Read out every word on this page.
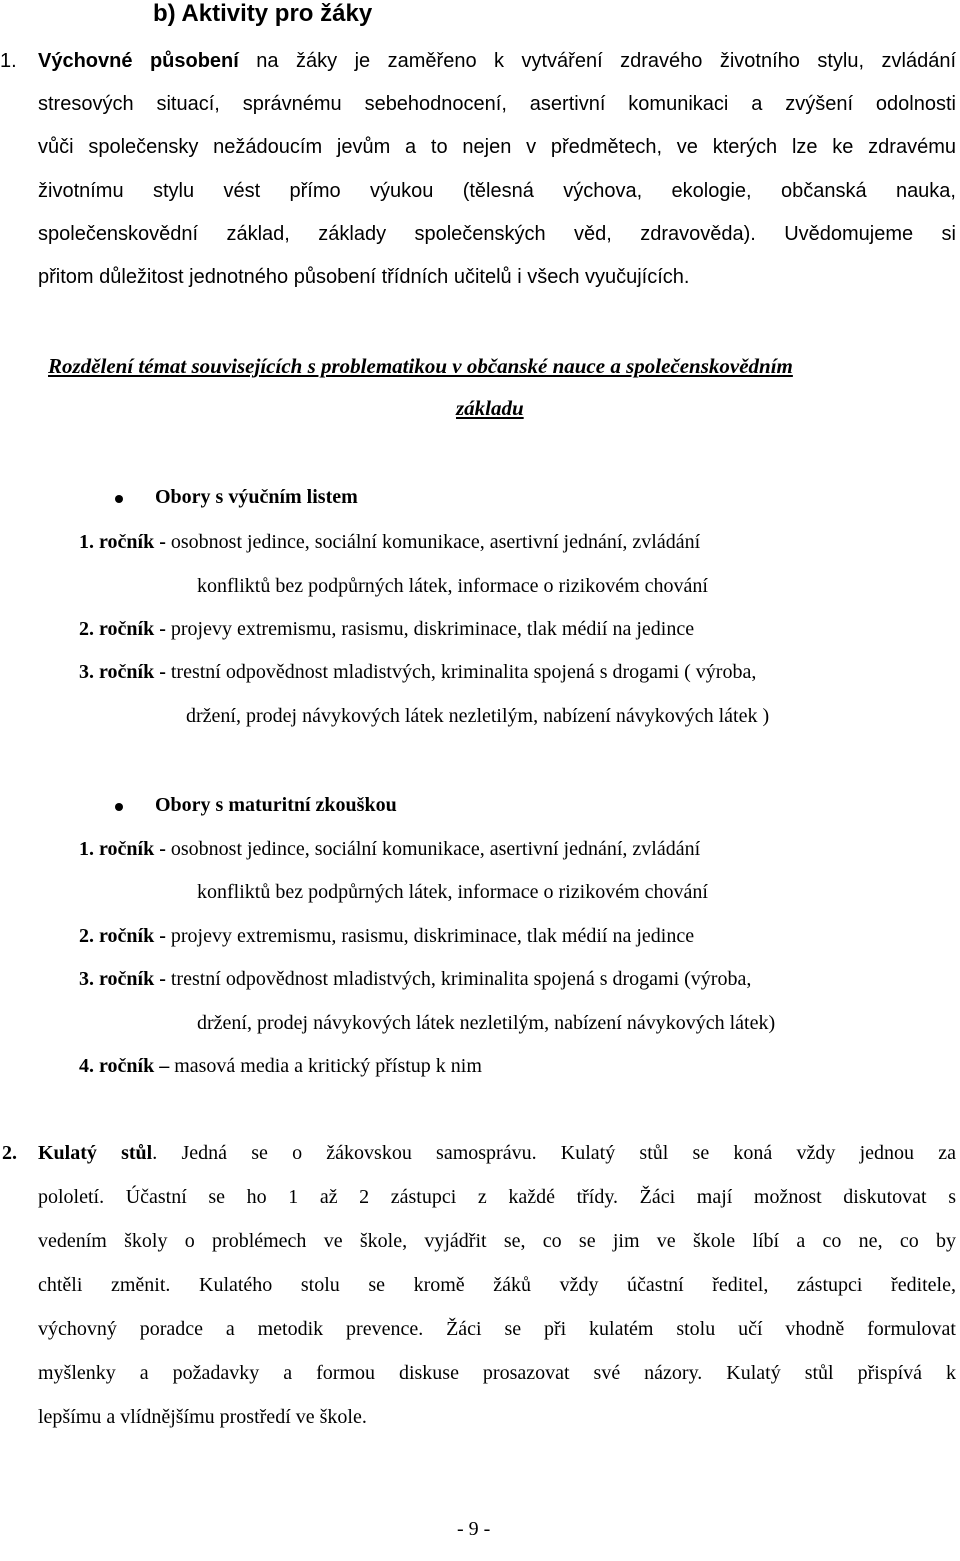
b) Aktivity pro žáky
1. Výchovné působení na žáky je zaměřeno k vytváření zdravého životního stylu, zvládání
stresových situací, správnému sebehodnocení, asertivní komunikaci a zvýšení odolnosti
vůči společensky nežádoucím jevům a to nejen v předmětech, ve kterých lze ke zdravému
životnímu stylu vést přímo výukou (tělesná výchova, ekologie, občanská nauka,
společenskovědní základ, základy společenských věd, zdravověda). Uvědomujeme si
přitom důležitost jednotného působení třídních učitelů i všech vyučujících.
Rozdělení témat souvisejících s problematikou v občanské nauce a společenskovědním
základu
Obory s výučním listem
1. ročník - osobnost jedince, sociální komunikace, asertivní jednání, zvládání
konfliktů bez podpůrných látek, informace o rizikovém chování
2. ročník - projevy extremismu, rasismu, diskriminace, tlak médií na jedince
3. ročník - trestní odpovědnost mladistvých, kriminalita spojená s drogami ( výroba,
držení, prodej návykových látek nezletilým, nabízení návykových látek )
Obory s maturitní zkouškou
1. ročník - osobnost jedince, sociální komunikace, asertivní jednání, zvládání
konfliktů bez podpůrných látek, informace o rizikovém chování
2. ročník - projevy extremismu, rasismu, diskriminace, tlak médií na jedince
3. ročník - trestní odpovědnost mladistvých, kriminalita spojená s drogami (výroba,
držení, prodej návykových látek nezletilým, nabízení návykových látek)
4. ročník – masová media a kritický přístup k nim
2. Kulatý stůl. Jedná se o žákovskou samosprávu. Kulatý stůl se koná vždy jednou za
pololetí. Účastní se ho 1 až 2 zástupci z každé třídy. Žáci mají možnost diskutovat s
vedením školy o problémech ve škole, vyjádřit se, co se jim ve škole líbí a co ne, co by
chtěli změnit. Kulatého stolu se kromě žáků vždy účastní ředitel, zástupci ředitele,
výchovný poradce a metodik prevence. Žáci se při kulatém stolu učí vhodně formulovat
myšlenky a požadavky a formou diskuse prosazovat své názory. Kulatý stůl přispívá k
lepšímu a vlídnějšímu prostředí ve škole.
- 9 -
